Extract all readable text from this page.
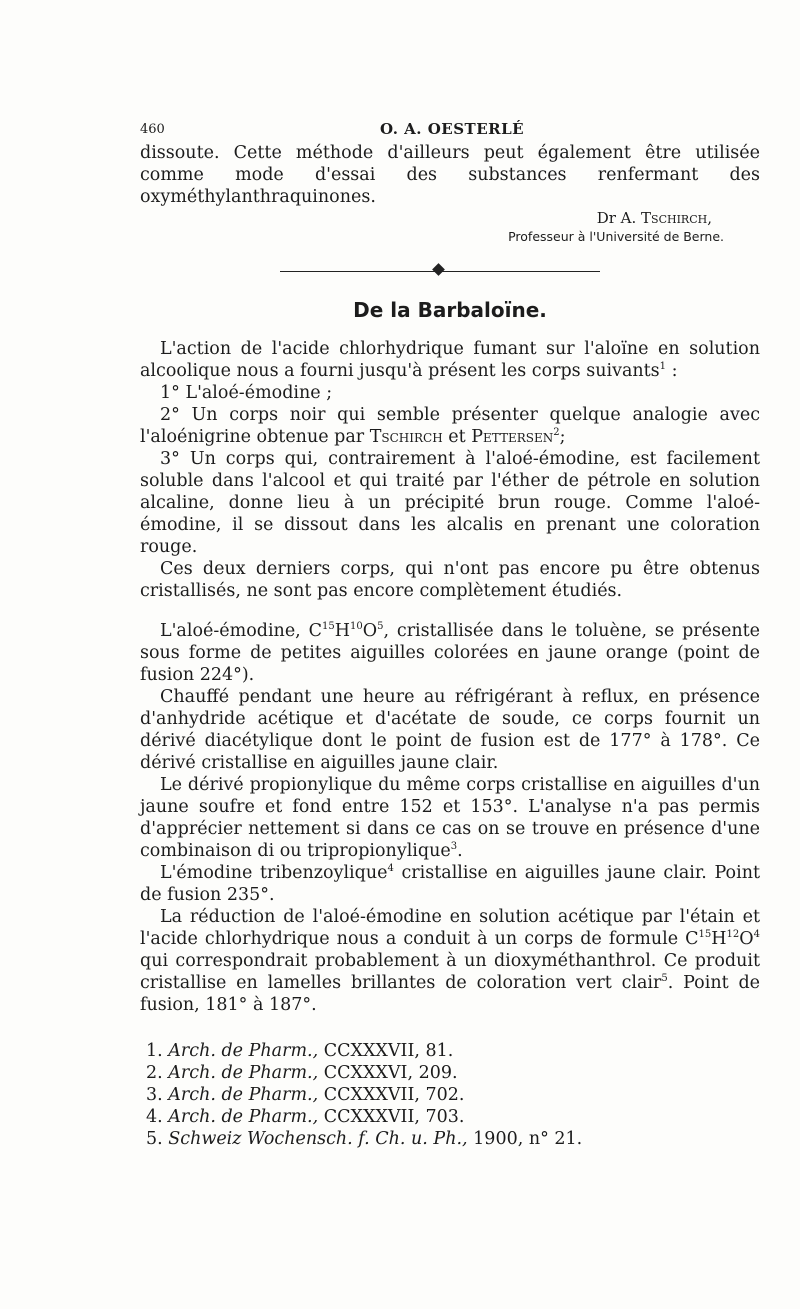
460	O. A. OESTERLÉ

dissoute. Cette méthode d'ailleurs peut également être utilisée comme mode d'essai des substances renfermant des oxyméthylanthraquinones.

Dr A. Tschirch,
Professeur à l'Université de Berne.
De la Barbaloïne.

L'action de l'acide chlorhydrique fumant sur l'aloïne en solution alcoolique nous a fourni jusqu'à présent les corps suivants$^1$ :

1° L'aloé-émodine ;

2° Un corps noir qui semble présenter quelque analogie avec l'aloénigrine obtenue par Tschirch et Pettersen$^2$;

3° Un corps qui, contrairement à l'aloé-émodine, est facilement soluble dans l'alcool et qui traité par l'éther de pétrole en solution alcaline, donne lieu à un précipité brun rouge. Comme l'aloé-émodine, il se dissout dans les alcalis en prenant une coloration rouge.

Ces deux derniers corps, qui n'ont pas encore pu être obtenus cristallisés, ne sont pas encore complètement étudiés.

L'aloé-émodine, $C^{15}H^{10}O^5$, cristallisée dans le toluène, se présente sous forme de petites aiguilles colorées en jaune orange (point de fusion 224°).

Chauffé pendant une heure au réfrigérant à reflux, en présence d'anhydride acétique et d'acétate de soude, ce corps fournit un dérivé diacétylique dont le point de fusion est de 177° à 178°. Ce dérivé cristallise en aiguilles jaune clair.

Le dérivé propionylique du même corps cristallise en aiguilles d'un jaune soufre et fond entre 152 et 153°. L'analyse n'a pas permis d'apprécier nettement si dans ce cas on se trouve en présence d'une combinaison di ou tripropionylique$^3$.

L'émodine tribenzoylique$^4$ cristallise en aiguilles jaune clair. Point de fusion 235°.

La réduction de l'aloé-émodine en solution acétique par l'étain et l'acide chlorhydrique nous a conduit à un corps de formule $C^{15}H^{12}O^4$ qui correspondrait probablement à un dioxyméthanthrol. Ce produit cristallise en lamelles brillantes de coloration vert clair$^5$. Point de fusion, 181° à 187°.

1. Arch. de Pharm., CCXXXVII, 81.

2. Arch. de Pharm., CCXXXVI, 209.

3. Arch. de Pharm., CCXXXVII, 702.

4. Arch. de Pharm., CCXXXVII, 703.

5. Schweiz Wochensch. f. Ch. u. Ph., 1900, n° 21.
